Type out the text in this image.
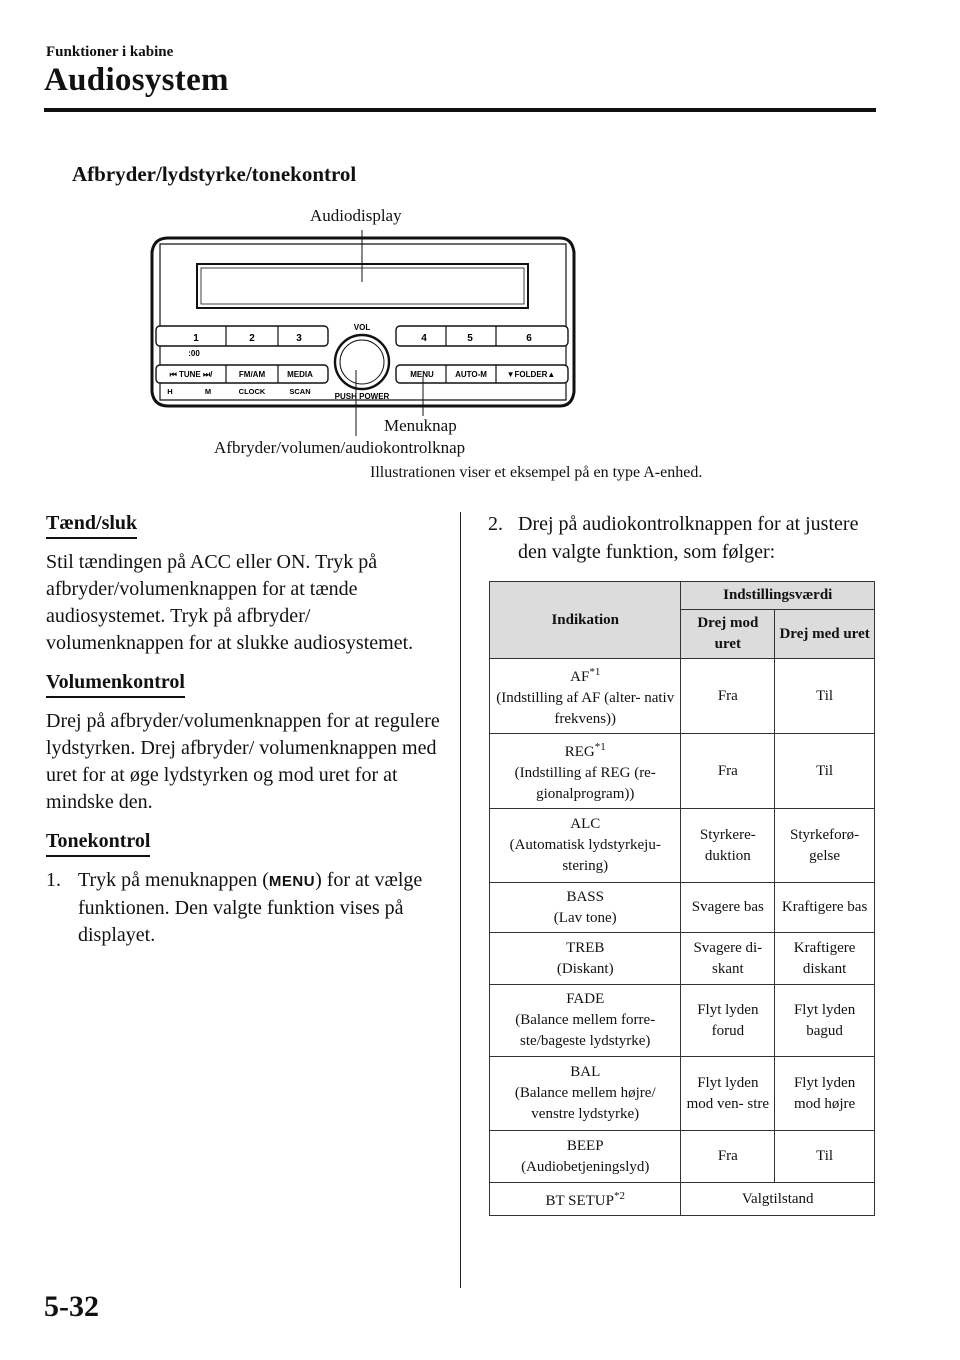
Funktioner i kabine
Audiosystem
Afbryder/lydstyrke/tonekontrol
1	2	3
:00
4	5	6
VOL
PUSH POWER
⏮ TUNE ⏭/	FM/AM	MEDIA
H	M	CLOCK	SCAN
MENU	AUTO-M ▼FOLDER▲
Audiodisplay
Menuknap
Afbryder/volumen/audiokontrolknap
Illustrationen viser et eksempel på en type A-enhed.
Tænd/sluk

Stil tændingen på ACC eller ON. Tryk på afbryder/volumenknappen for at tænde audiosystemet. Tryk på afbryder/ volumenknappen for at slukke audiosystemet.

Volumenkontrol

Drej på afbryder/volumenknappen for at regulere lydstyrken. Drej afbryder/ volumenknappen med uret for at øge lydstyrken og mod uret for at mindske den.

Tonekontrol
1. Tryk på menuknappen (MENU) for at vælge funktionen. Den valgte funktion vises på displayet.
2. Drej på audiokontrolknappen for at justere den valgte funktion, som følger:
Indikation	Indstillingsværdi	
	Drej mod uret	Drej med uret
AF$^{*1}$
(Indstilling af AF (alter- nativ frekvens))	Fra	Til
REG$^{*1}$
(Indstilling af REG (re- gionalprogram))	Fra	Til
ALC
(Automatisk lydstyrkeju- stering)	Styrkere- duktion	Styrkeforø- gelse
BASS
(Lav tone)	Svagere bas	Kraftigere bas
TREB
(Diskant)	Svagere di- skant	Kraftigere diskant
FADE
(Balance mellem forre- ste/bageste lydstyrke)	Flyt lyden forud	Flyt lyden bagud
BAL
(Balance mellem højre/ venstre lydstyrke)	Flyt lyden mod ven- stre	Flyt lyden mod højre
BEEP
(Audiobetjeningslyd)	Fra	Til
BT SETUP$^{*2}$	Valgtilstand	
5-32
